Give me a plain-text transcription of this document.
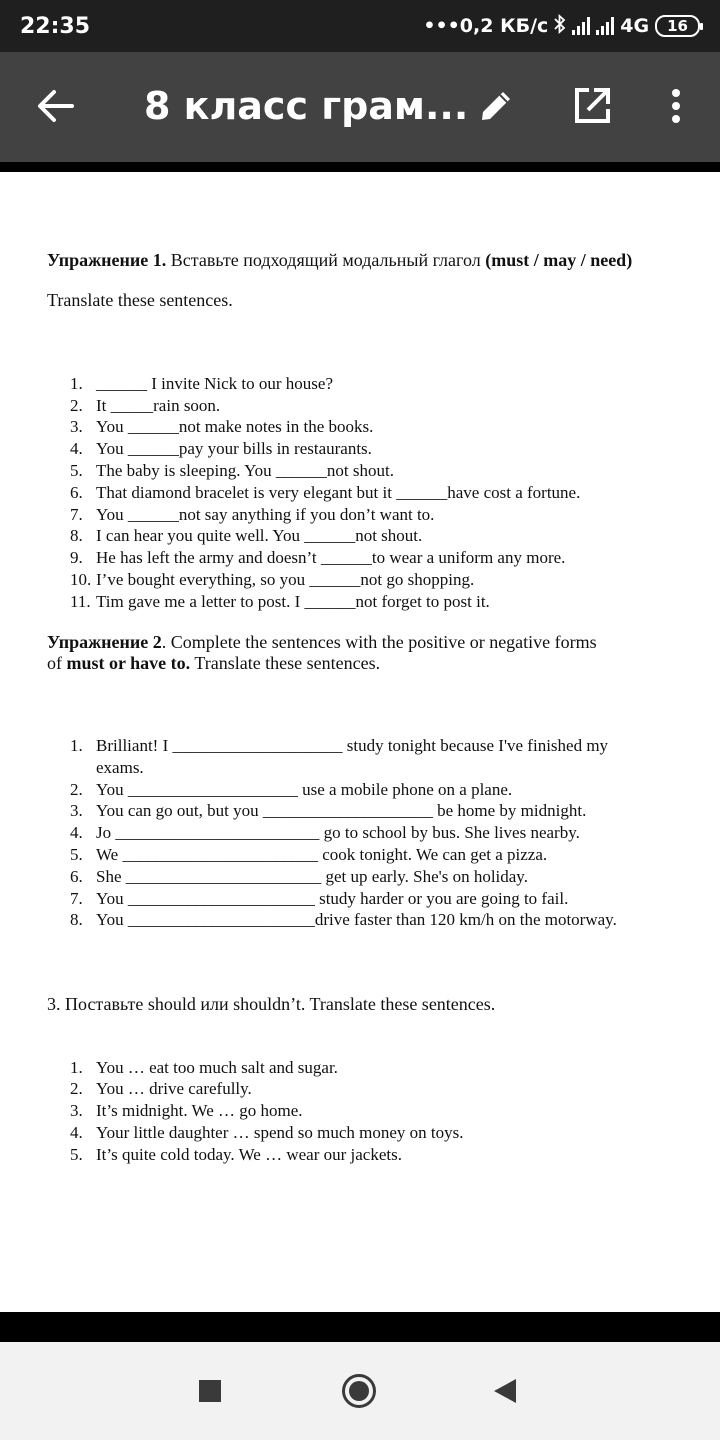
22:35	•••0,2 КБ/с	4G	16
8 класс грам...
Упражнение 1. Вставьте подходящий модальный глагол (must / may / need)
Translate these sentences.
1. ______ I invite Nick to our house?
2. It _____rain soon.
3. You ______not make notes in the books.
4. You ______pay your bills in restaurants.
5. The baby is sleeping. You ______not shout.
6. That diamond bracelet is very elegant but it ______have cost a fortune.
7. You ______not say anything if you don’t want to.
8. I can hear you quite well. You ______not shout.
9. He has left the army and doesn’t ______to wear a uniform any more.
10. I’ve bought everything, so you ______not go shopping.
11. Tim gave me a letter to post. I ______not forget to post it.
Упражнение 2. Complete the sentences with the positive or negative forms
of must or have to. Translate these sentences.
1. Brilliant! I ____________________ study tonight because I've finished my
exams.
2. You ____________________ use a mobile phone on a plane.
3. You can go out, but you ____________________ be home by midnight.
4. Jo ________________________ go to school by bus. She lives nearby.
5. We _______________________ cook tonight. We can get a pizza.
6. She _______________________ get up early. She's on holiday.
7. You ______________________ study harder or you are going to fail.
8. You ______________________drive faster than 120 km/h on the motorway.
3. Поставьте should или shouldn’t. Translate these sentences.
1. You … eat too much salt and sugar.
2. You … drive carefully.
3. It’s midnight. We … go home.
4. Your little daughter … spend so much money on toys.
5. It’s quite cold today. We … wear our jackets.
